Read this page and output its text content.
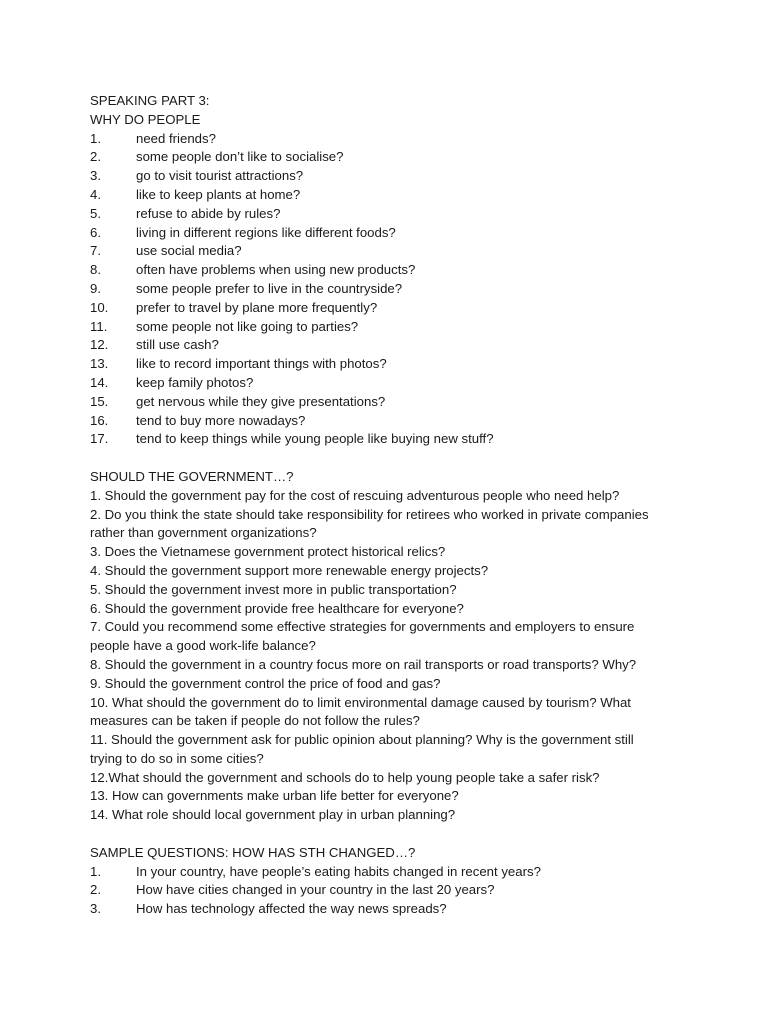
SPEAKING PART 3:

WHY DO PEOPLE

1.	need friends?
2.	some people don’t like to socialise?
3.	go to visit tourist attractions?
4.	like to keep plants at home?
5.	refuse to abide by rules?
6.	living in different regions like different foods?
7.	use social media?
8.	often have problems when using new products?
9.	some people prefer to live in the countryside?
10.	prefer to travel by plane more frequently?
11.	some people not like going to parties?
12.	still use cash?
13.	like to record important things with photos?
14.	keep family photos?
15.	get nervous while they give presentations?
16.	tend to buy more nowadays?
17.	tend to keep things while young people like buying new stuff?

SHOULD THE GOVERNMENT…?

1. Should the government pay for the cost of rescuing adventurous people who need help?

2. Do you think the state should take responsibility for retirees who worked in private companies

rather than government organizations?

3. Does the Vietnamese government protect historical relics?

4. Should the government support more renewable energy projects?

5. Should the government invest more in public transportation?

6. Should the government provide free healthcare for everyone?

7. Could you recommend some effective strategies for governments and employers to ensure

people have a good work-life balance?

8. Should the government in a country focus more on rail transports or road transports? Why?

9. Should the government control the price of food and gas?

10. What should the government do to limit environmental damage caused by tourism? What

measures can be taken if people do not follow the rules?

11. Should the government ask for public opinion about planning? Why is the government still

trying to do so in some cities?

12.What should the government and schools do to help young people take a safer risk?

13. How can governments make urban life better for everyone?

14. What role should local government play in urban planning?

SAMPLE QUESTIONS: HOW HAS STH CHANGED…?

1.	In your country, have people’s eating habits changed in recent years?
2.	How have cities changed in your country in the last 20 years?
3.	How has technology affected the way news spreads?
